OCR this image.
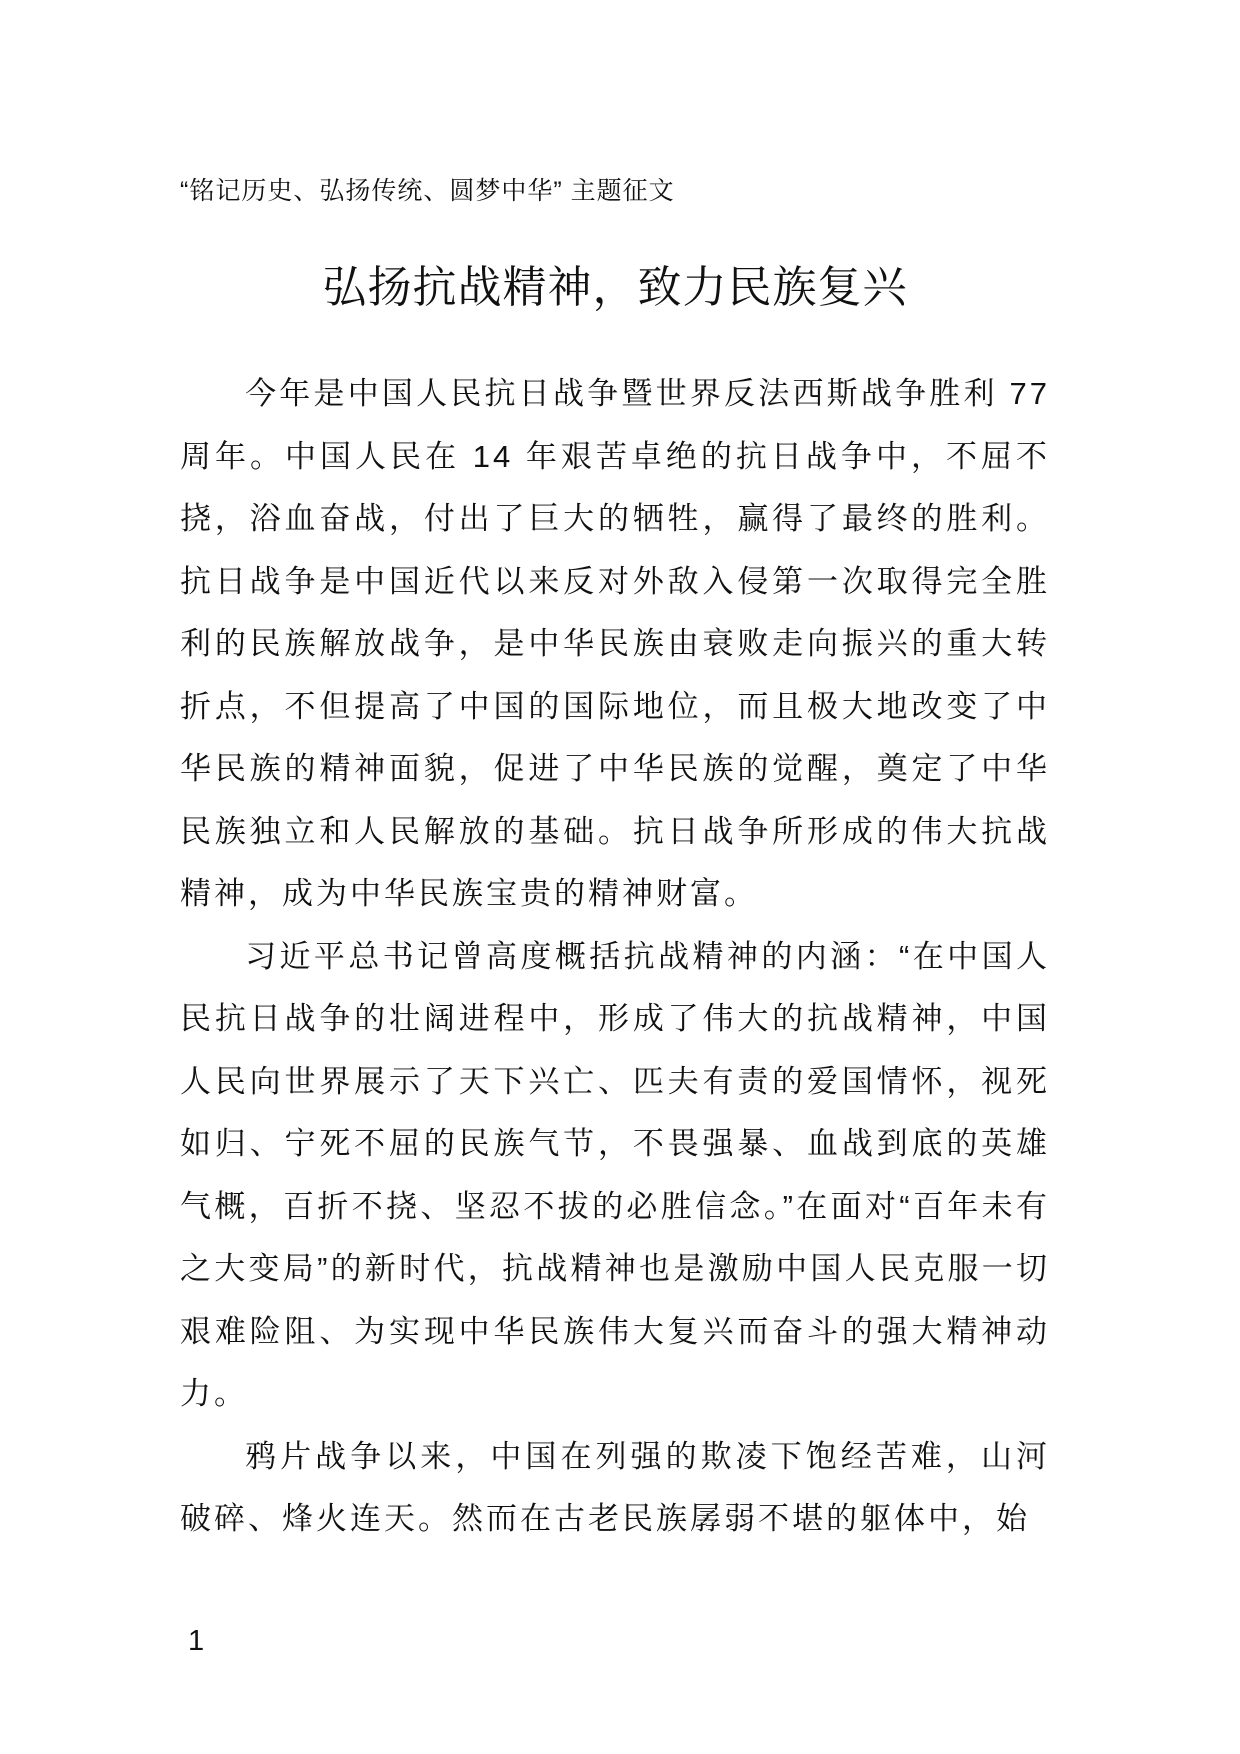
“铭记历史、弘扬传统、圆梦中华” 主题征文
弘扬抗战精神，致力民族复兴

今年是中国人民抗日战争暨世界反法西斯战争胜利 77 周年。中国人民在 14 年艰苦卓绝的抗日战争中，不屈不挠，浴血奋战，付出了巨大的牺牲，赢得了最终的胜利。抗日战争是中国近代以来反对外敌入侵第一次取得完全胜利的民族解放战争，是中华民族由衰败走向振兴的重大转折点，不但提高了中国的国际地位，而且极大地改变了中华民族的精神面貌，促进了中华民族的觉醒，奠定了中华民族独立和人民解放的基础。抗日战争所形成的伟大抗战精神，成为中华民族宝贵的精神财富。

习近平总书记曾高度概括抗战精神的内涵：“在中国人民抗日战争的壮阔进程中，形成了伟大的抗战精神，中国人民向世界展示了天下兴亡、匹夫有责的爱国情怀，视死如归、宁死不屈的民族气节，不畏强暴、血战到底的英雄气概，百折不挠、坚忍不拔的必胜信念。”在面对“百年未有之大变局”的新时代，抗战精神也是激励中国人民克服一切艰难险阻、为实现中华民族伟大复兴而奋斗的强大精神动力。

鸦片战争以来，中国在列强的欺凌下饱经苦难，山河破碎、烽火连天。然而在古老民族孱弱不堪的躯体中，始

1
